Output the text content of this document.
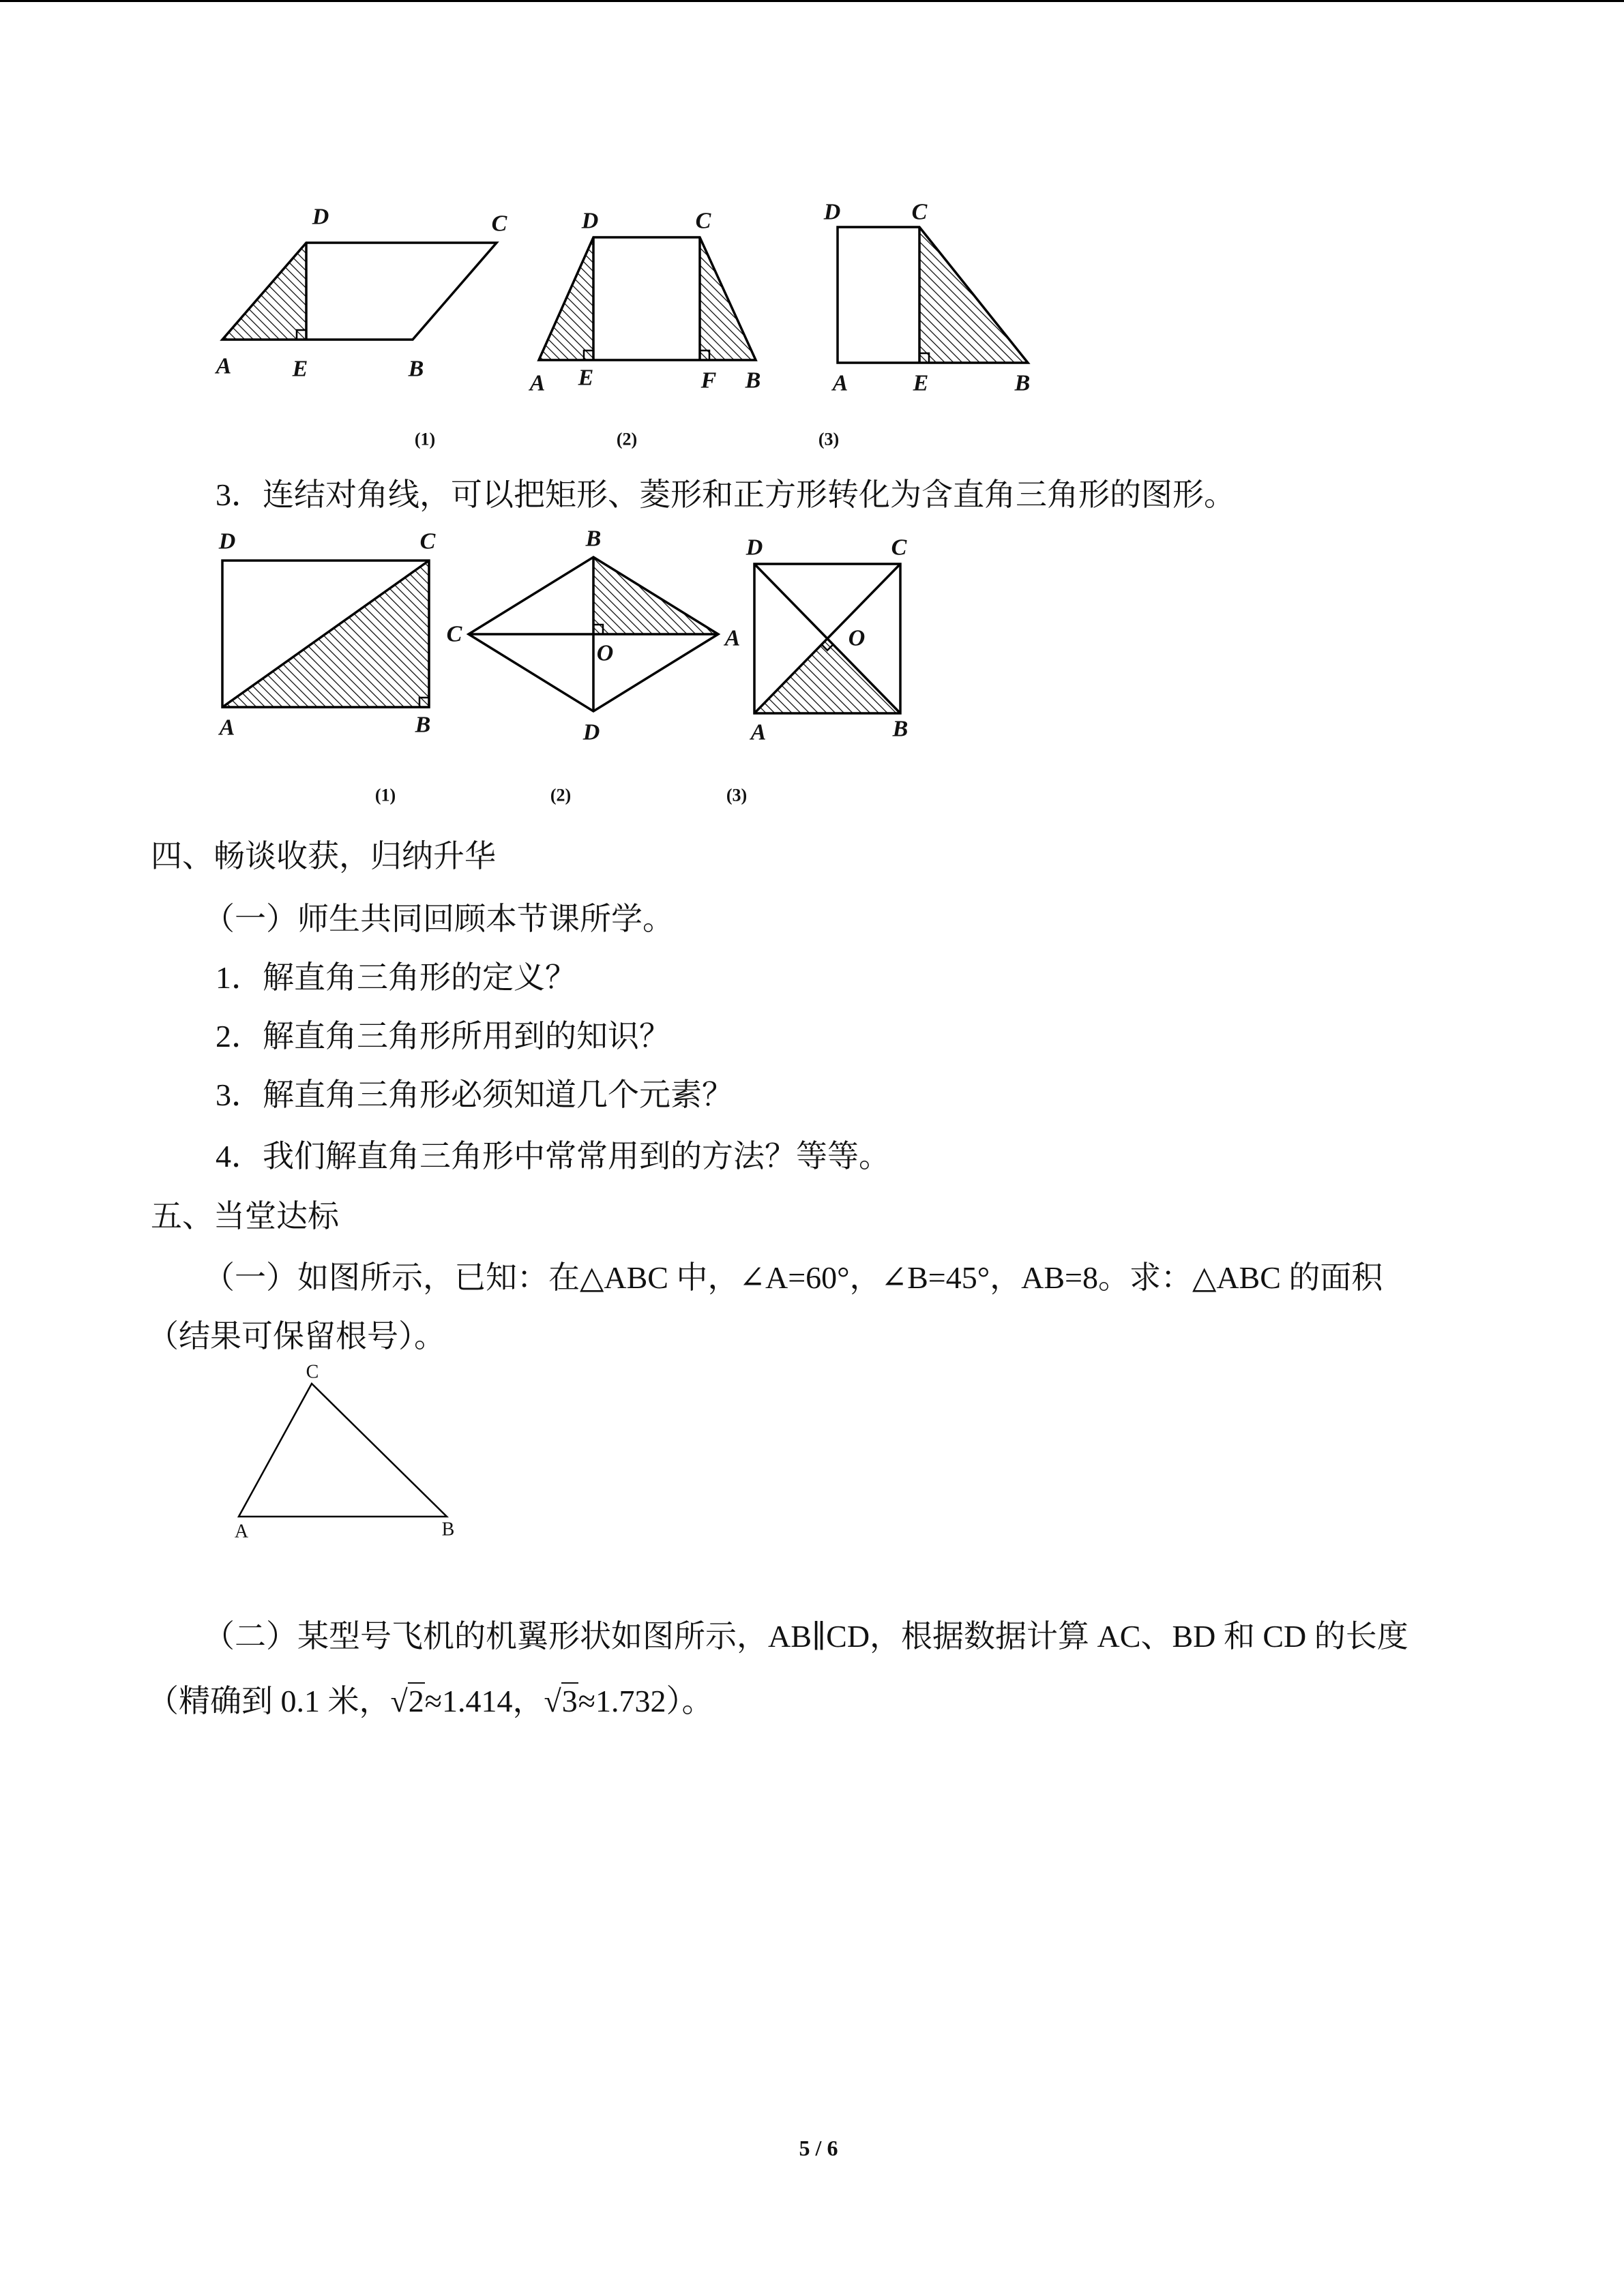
D	C
A	E	B
(1)
D	C
A E	F B
(2)
D	C
A	E	B
(3)
3．连结对角线，可以把矩形、菱形和正方形转化为含直角三角形的图形。
D	C
A	B
(1)
B
C	A
O
D
(2)
D	C
A	B
O
(3)
四、畅谈收获，归纳升华
（一）师生共同回顾本节课所学。
1．解直角三角形的定义？
2．解直角三角形所用到的知识？
3．解直角三角形必须知道几个元素？
4．我们解直角三角形中常常用到的方法？等等。
五、当堂达标
（一）如图所示，已知：在△ABC 中，∠A=60°，∠B=45°，AB=8。求：△ABC 的面积
（结果可保留根号）。
C
A	B
（二）某型号飞机的机翼形状如图所示，AB∥CD，根据数据计算 AC、BD 和 CD 的长度
（精确到 0.1 米，√2≈1.414，√3≈1.732）。
5 / 6
